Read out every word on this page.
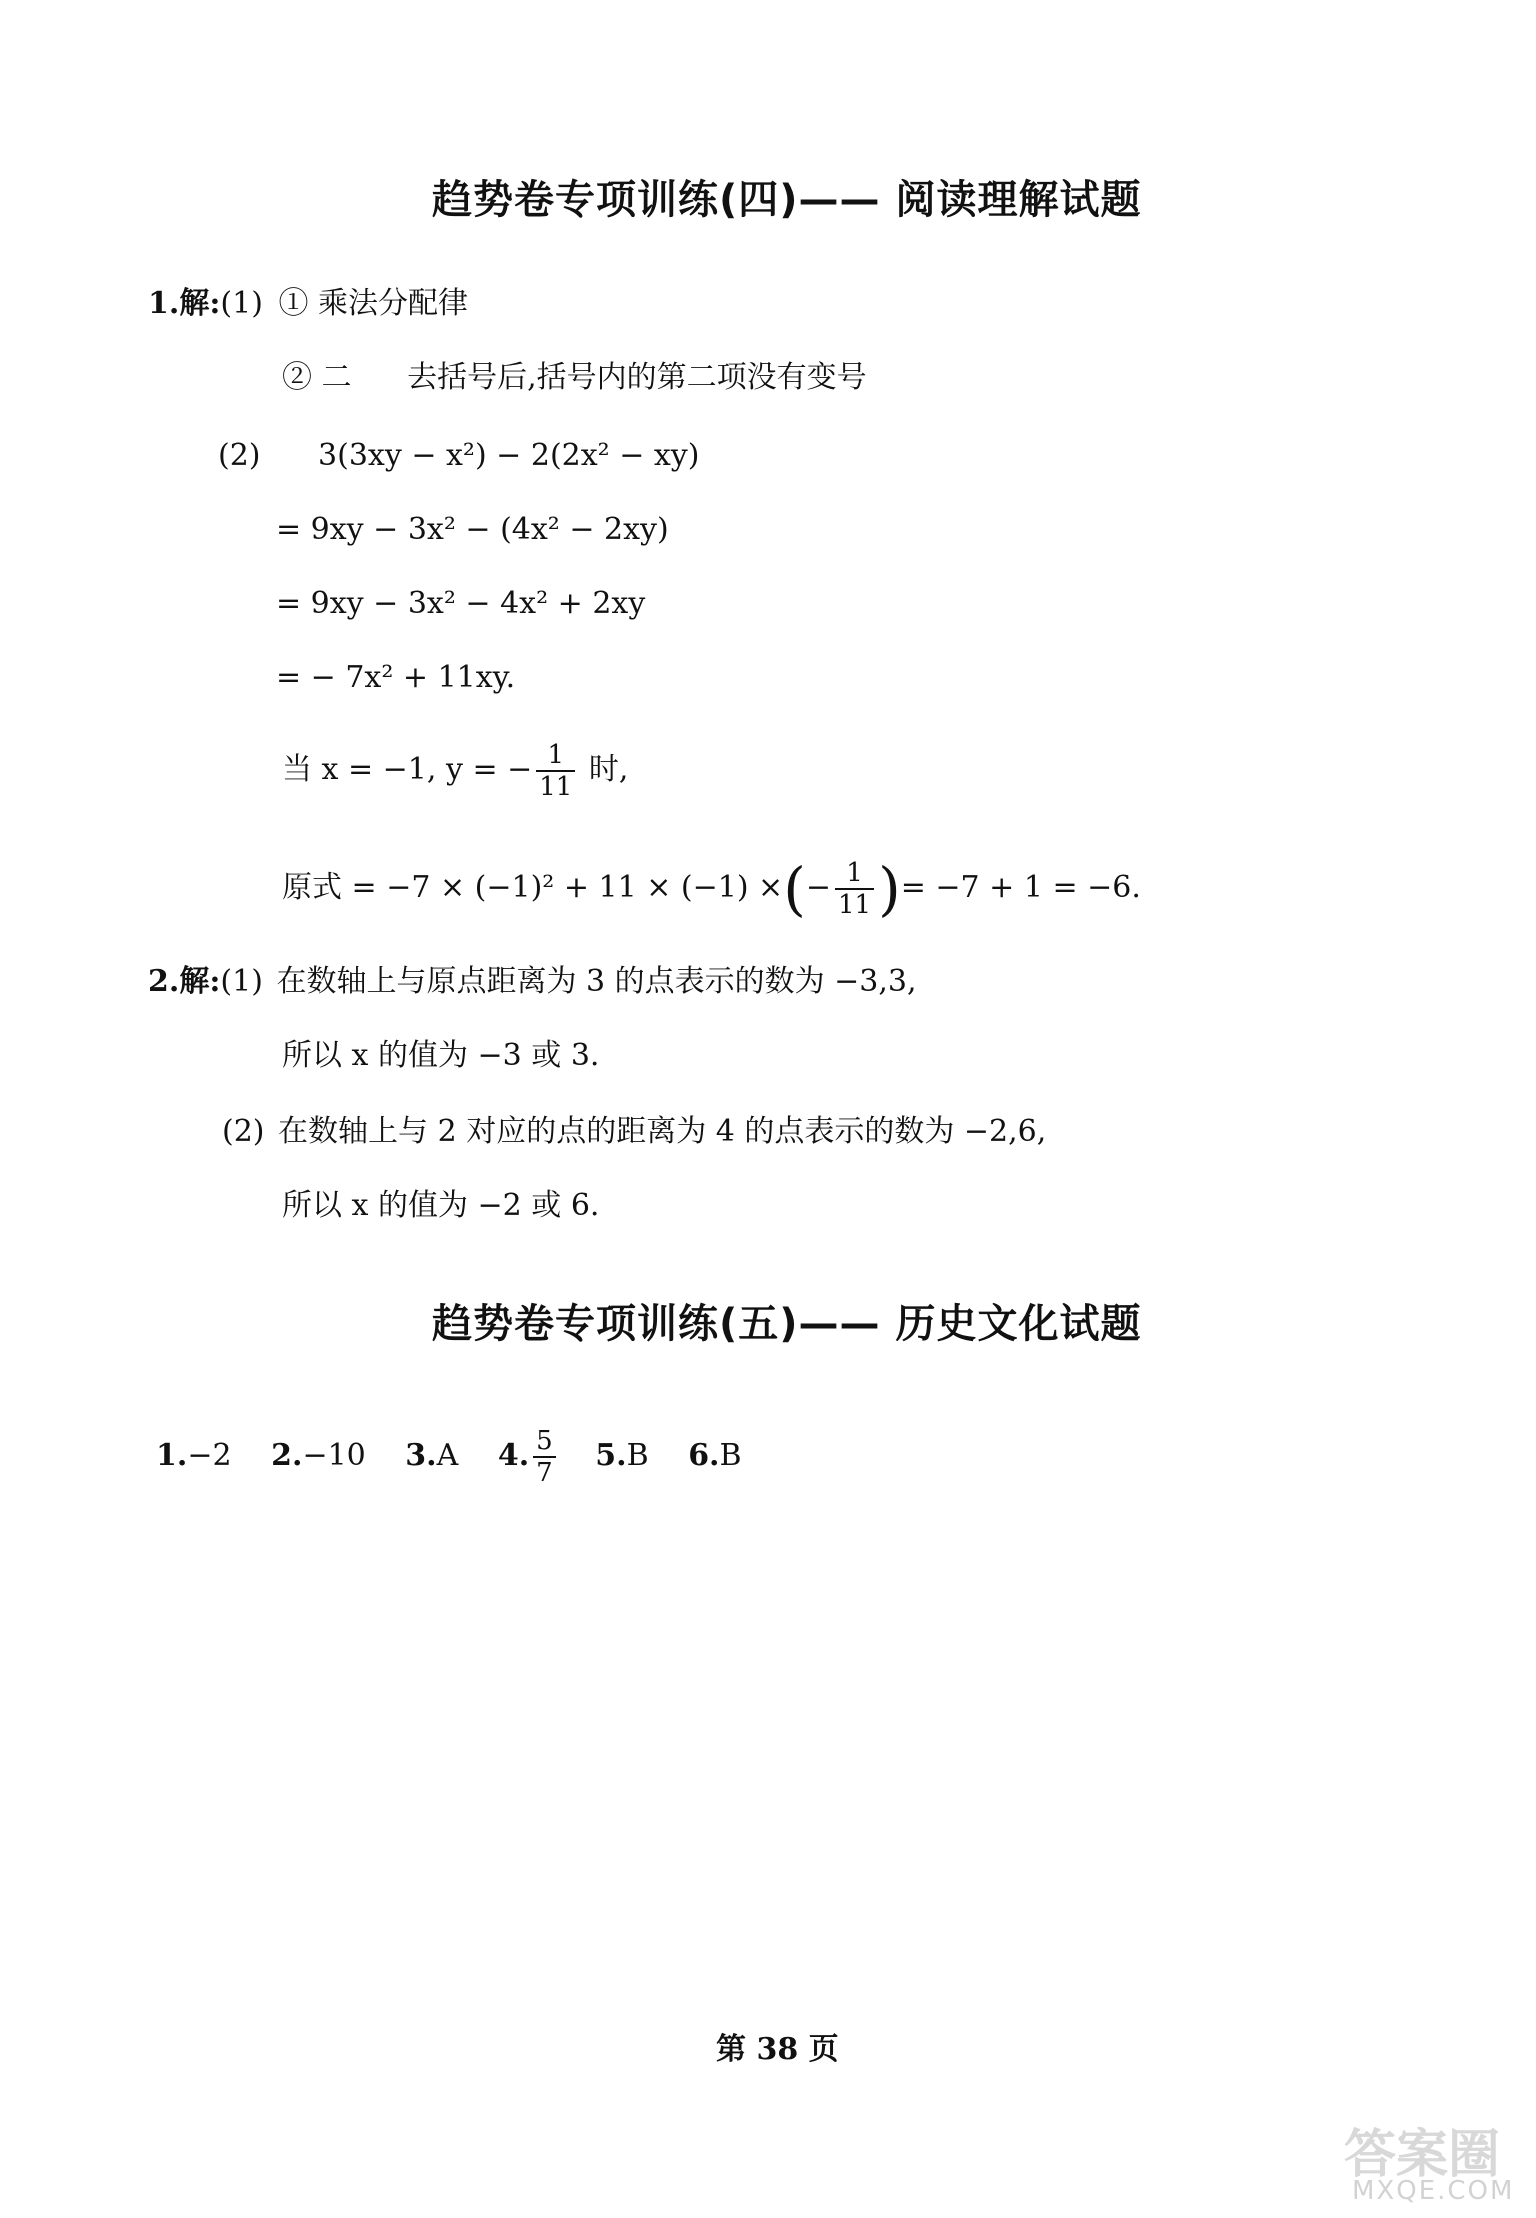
趋势卷专项训练(四)—— 阅读理解试题
1.解:(1) ① 乘法分配律
② 二 去括号后,括号内的第二项没有变号
(2) 3(3xy − x²) − 2(2x² − xy)
= 9xy − 3x² − (4x² − 2xy)
= 9xy − 3x² − 4x² + 2xy
= − 7x² + 11xy.
当 x = −1, y = − $\frac{1}{11}$ 时,
原式 = −7 × (−1)² + 11 × (−1) ×(− $\frac{1}{11}$ )= −7 + 1 = −6.
2.解:(1) 在数轴上与原点距离为 3 的点表示的数为 −3,3,
所以 x 的值为 −3 或 3.
(2) 在数轴上与 2 对应的点的距离为 4 的点表示的数为 −2,6,
所以 x 的值为 −2 或 6.
趋势卷专项训练(五)—— 历史文化试题
1.−2 2.−10 3.A 4. $\frac{5}{7} 5.B$ 6.B
第 38 页
答案圈
MXQE.COM
